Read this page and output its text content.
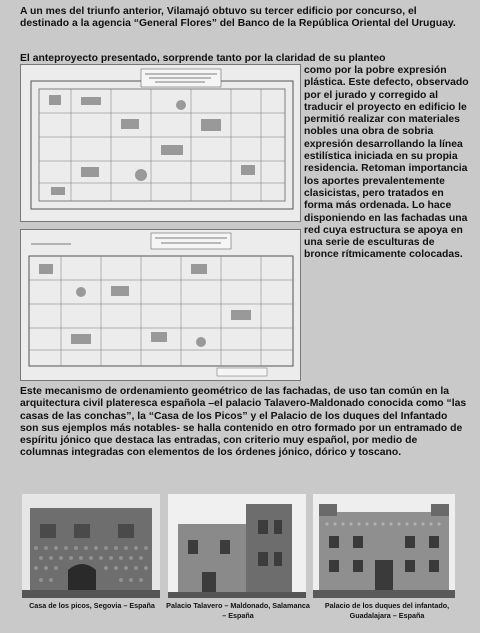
A un mes del triunfo anterior, Vilamajó obtuvo su tercer edificio por concurso, el destinado a la agencia “General Flores” del Banco de la República Oriental del Uruguay.

El anteproyecto presentado, sorprende tanto por la claridad de su planteo

como por la pobre expresión plástica. Este defecto, observado por el jurado y corregido al traducir el proyecto en edificio le permitió realizar con materiales nobles una obra de sobria expresión desarrollando la línea estilística iniciada en su propia residencia. Retoman importancia los aportes prevalentemente clasicistas, pero tratados en forma más ordenada. Lo hace disponiendo en las fachadas una red cuya estructura se apoya en una serie de esculturas de bronce rítmicamente colocadas.

Este mecanismo de ordenamiento geométrico de las fachadas, de uso tan común en la arquitectura civil plateresca española –el palacio Talavero-Maldonado conocida como “las casas de las conchas”, la “Casa de los Picos” y el Palacio de los duques del Infantado son sus ejemplos más notables- se halla contenido en otro formado por un entramado de espíritu jónico que destaca las entradas, con criterio muy español, por medio de columnas integradas con elementos de los órdenes jónico, dórico y toscano.

Casa de los picos, Segovia – España	Palacio Talavero – Maldonado, Salamanca – España
Palacio de los duques del infantado, Guadalajara – España
